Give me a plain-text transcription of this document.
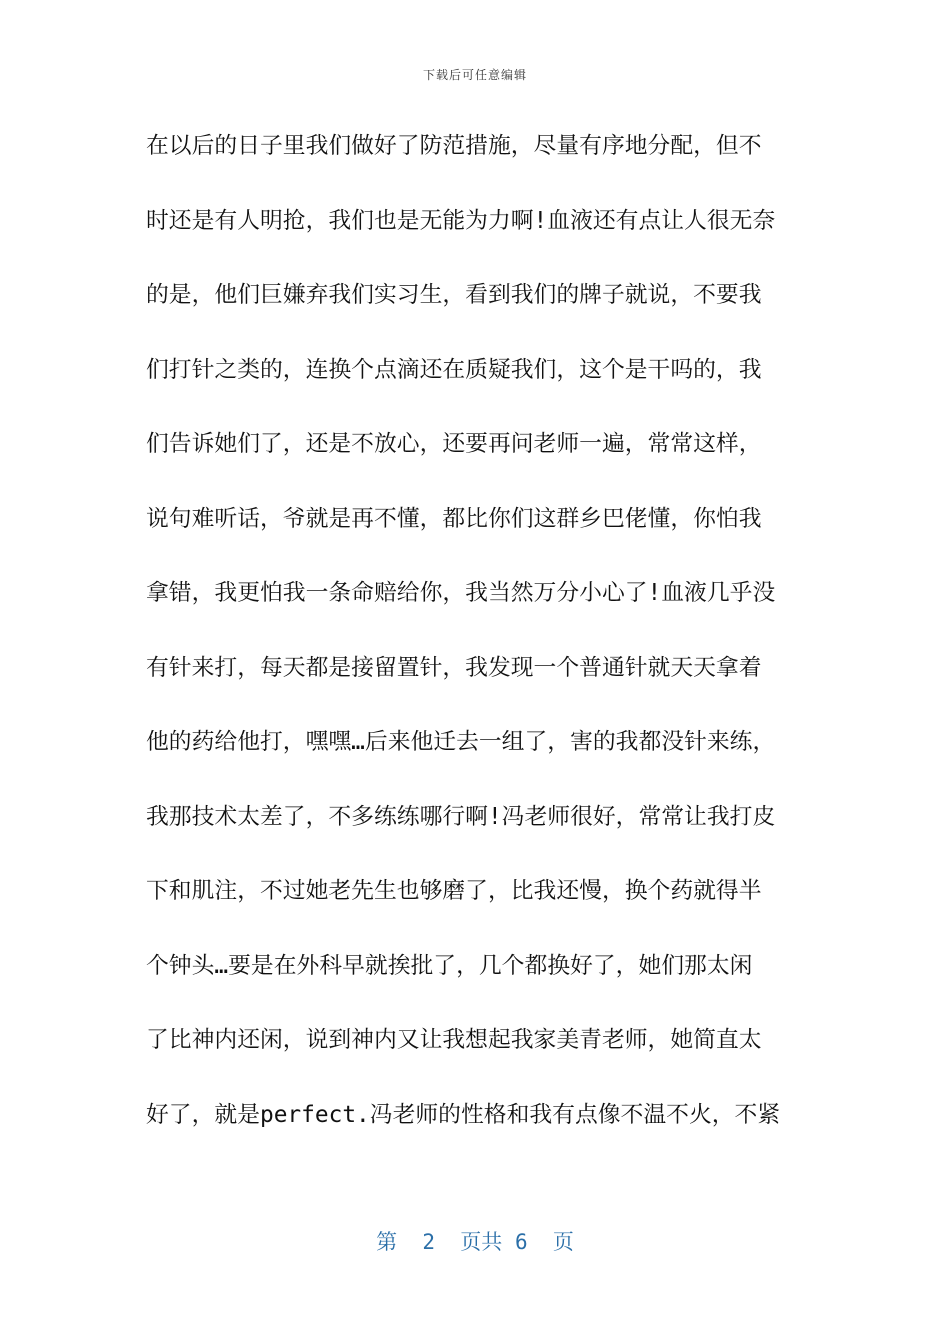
下载后可任意编辑
在以后的日子里我们做好了防范措施，尽量有序地分配，但不
时还是有人明抢，我们也是无能为力啊!血液还有点让人很无奈
的是，他们巨嫌弃我们实习生，看到我们的牌子就说，不要我
们打针之类的，连换个点滴还在质疑我们，这个是干吗的，我
们告诉她们了，还是不放心，还要再问老师一遍，常常这样，
说句难听话，爷就是再不懂，都比你们这群乡巴佬懂，你怕我
拿错，我更怕我一条命赔给你，我当然万分小心了!血液几乎没
有针来打，每天都是接留置针，我发现一个普通针就天天拿着
他的药给他打，嘿嘿…后来他迁去一组了，害的我都没针来练，
我那技术太差了，不多练练哪行啊!冯老师很好，常常让我打皮
下和肌注，不过她老先生也够磨了，比我还慢，换个药就得半
个钟头…要是在外科早就挨批了，几个都换好了，她们那太闲
了比神内还闲，说到神内又让我想起我家美青老师，她简直太
好了，就是perfect.冯老师的性格和我有点像不温不火，不紧
第  2  页共 6  页
